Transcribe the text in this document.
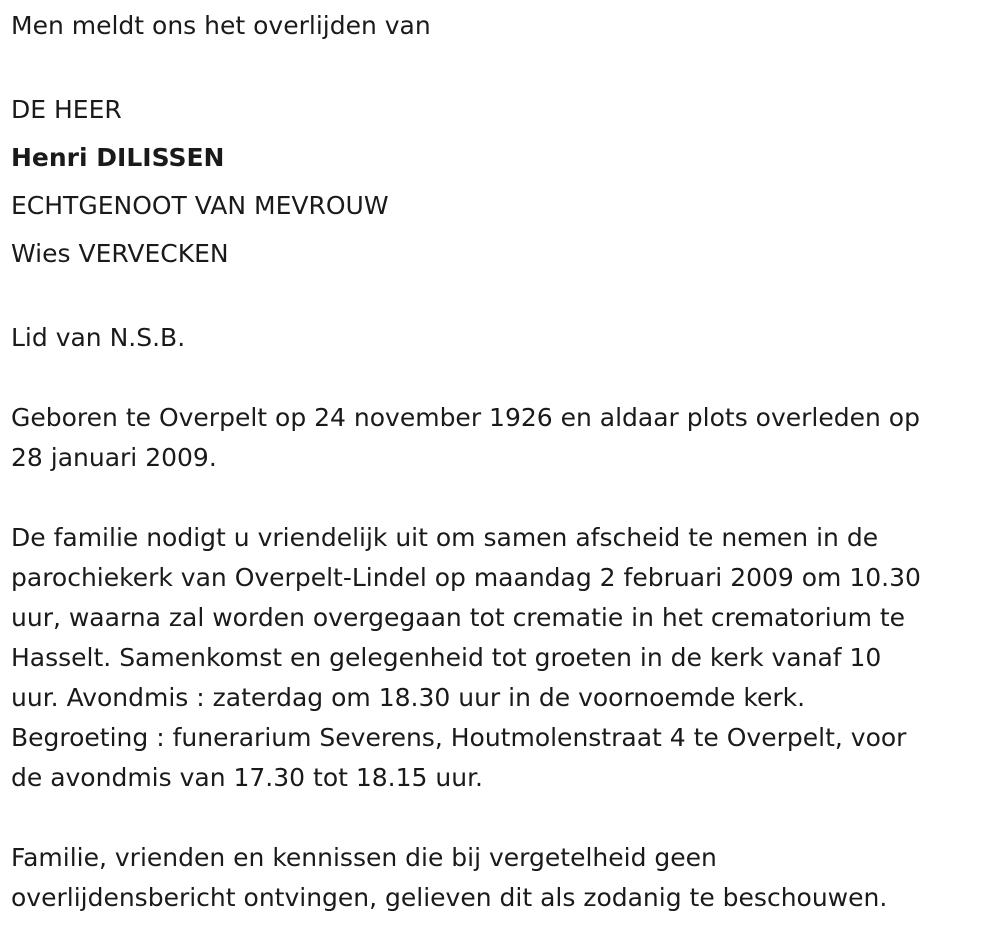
Men meldt ons het overlijden van

DE HEER

Henri DILISSEN

ECHTGENOOT VAN MEVROUW

Wies VERVECKEN

Lid van N.S.B.

Geboren te Overpelt op 24 november 1926 en aldaar plots overleden op

28 januari 2009.

De familie nodigt u vriendelijk uit om samen afscheid te nemen in de

parochiekerk van Overpelt-Lindel op maandag 2 februari 2009 om 10.30

uur, waarna zal worden overgegaan tot crematie in het crematorium te

Hasselt. Samenkomst en gelegenheid tot groeten in de kerk vanaf 10

uur. Avondmis : zaterdag om 18.30 uur in de voornoemde kerk.

Begroeting : funerarium Severens, Houtmolenstraat 4 te Overpelt, voor

de avondmis van 17.30 tot 18.15 uur.

Familie, vrienden en kennissen die bij vergetelheid geen

overlijdensbericht ontvingen, gelieven dit als zodanig te beschouwen.
